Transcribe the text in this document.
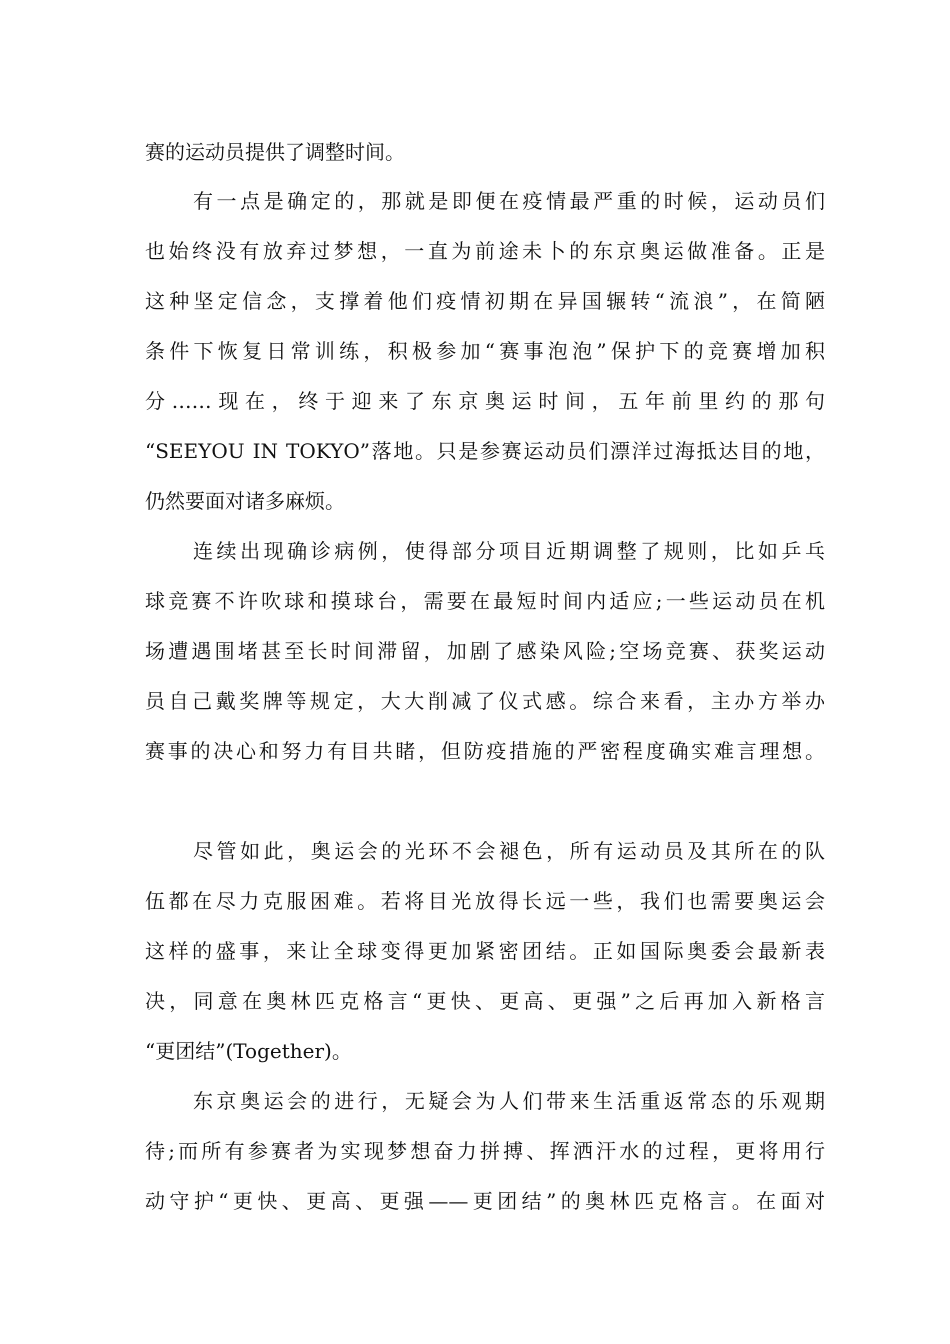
赛的运动员提供了调整时间。
有一点是确定的，那就是即便在疫情最严重的时候，运动员们
也始终没有放弃过梦想，一直为前途未卜的东京奥运做准备。正是
这种坚定信念，支撑着他们疫情初期在异国辗转“流浪”，在简陋
条件下恢复日常训练，积极参加“赛事泡泡”保护下的竞赛增加积
分……现在，终于迎来了东京奥运时间，五年前里约的那句
“SEEYOU IN TOKYO”落地。只是参赛运动员们漂洋过海抵达目的地，
仍然要面对诸多麻烦。
连续出现确诊病例，使得部分项目近期调整了规则，比如乒乓
球竞赛不许吹球和摸球台，需要在最短时间内适应;一些运动员在机
场遭遇围堵甚至长时间滞留，加剧了感染风险;空场竞赛、获奖运动
员自己戴奖牌等规定，大大削减了仪式感。综合来看，主办方举办
赛事的决心和努力有目共睹，但防疫措施的严密程度确实难言理想。
尽管如此，奥运会的光环不会褪色，所有运动员及其所在的队
伍都在尽力克服困难。若将目光放得长远一些，我们也需要奥运会
这样的盛事，来让全球变得更加紧密团结。正如国际奥委会最新表
决，同意在奥林匹克格言“更快、更高、更强”之后再加入新格言
“更团结”(Together)。
东京奥运会的进行，无疑会为人们带来生活重返常态的乐观期
待;而所有参赛者为实现梦想奋力拼搏、挥洒汗水的过程，更将用行
动守护“更快、更高、更强——更团结”的奥林匹克格言。在面对
